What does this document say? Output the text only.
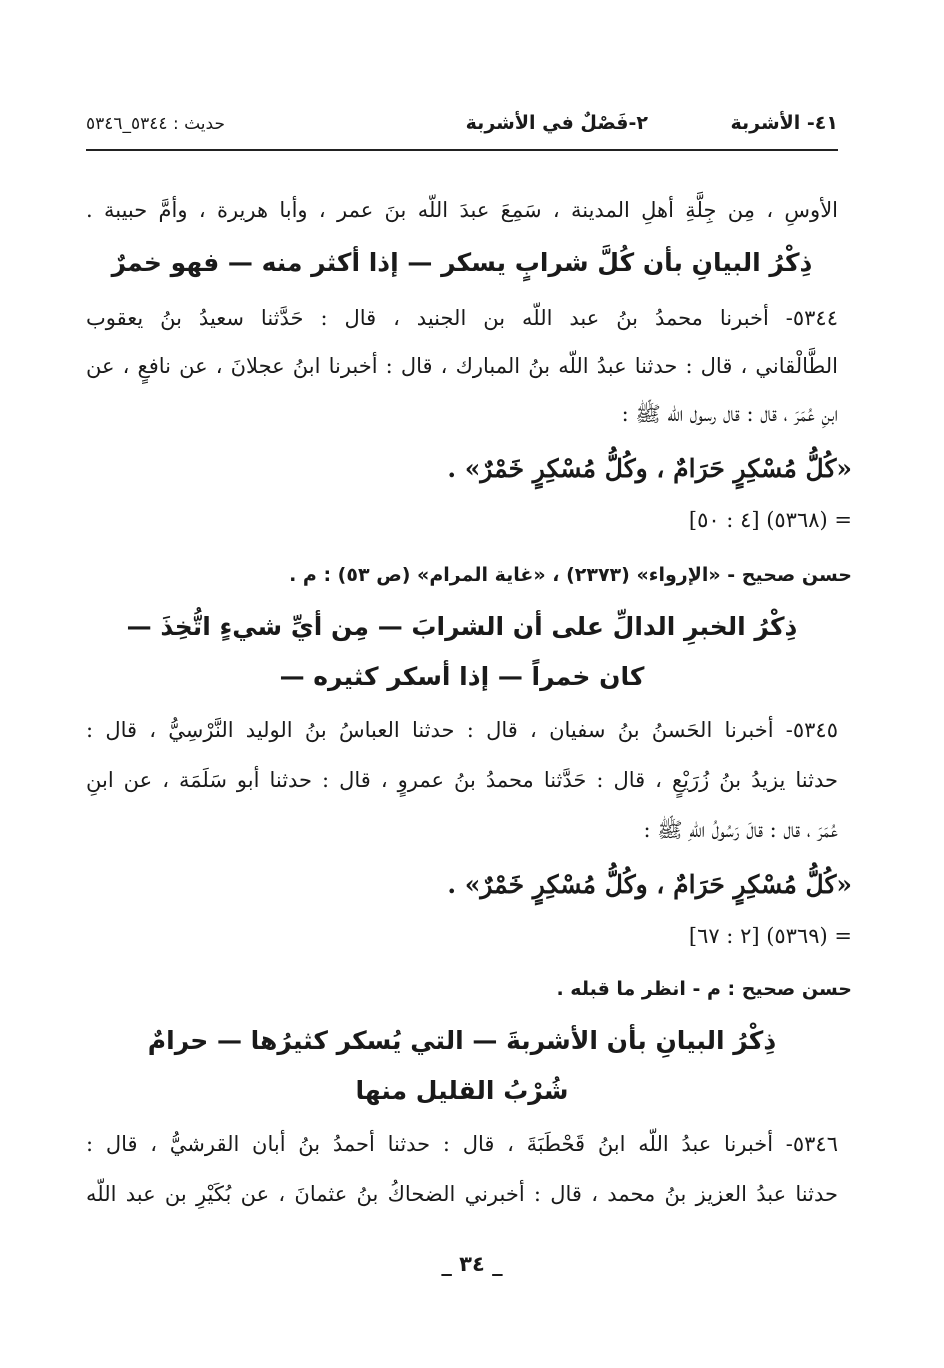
٤١- الأشربة
٢-فَصْلٌ في الأشربة
حديث : ٥٣٤٤_٥٣٤٦
الأوسِ ، مِن جِلَّةِ أهلِ المدينة ، سَمِعَ عبدَ اللّه بنَ عمر ، وأبا هريرة ، وأمَّ حبيبة .
ذِكْرُ البيانِ بأن كُلَّ شرابٍ يسكر — إذا أكثر منه — فهو خمرٌ
٥٣٤٤- أخبرنا محمدُ بنُ عبد اللّه بن الجنيد ، قال : حَدَّثنا سعيدُ بنُ يعقوب
الطَّالْقاني ، قال : حدثنا عبدُ اللّه بنُ المبارك ، قال : أخبرنا ابنُ عجلانَ ، عن نافعٍ ، عن
ابنِ عُمَرَ ، قال : قال رسول اللّه ﷺ :
«كُلُّ مُسْكِرٍ حَرَامٌ ، وكُلُّ مُسْكِرٍ خَمْرٌ» .
= (٥٣٦٨) [٤ : ٥٠]
حسن صحيح - «الإرواء» (٢٣٧٣) ، «غاية المرام» (ص ٥٣) : م .
ذِكْرُ الخبرِ الدالِّ على أن الشرابَ — مِن أيِّ شيءٍ اتُّخِذَ —
كان خمراً — إذا أسكر كثيره —
٥٣٤٥- أخبرنا الحَسنُ بنُ سفيان ، قال : حدثنا العباسُ بنُ الوليد النَّرْسِيُّ ، قال :
حدثنا يزيدُ بنُ زُرَيْعٍ ، قال : حَدَّثنا محمدُ بنُ عمروٍ ، قال : حدثنا أبو سَلَمَة ، عن ابنِ
عُمَرَ ، قال : قالَ رَسُولُ اللّهِ ﷺ :
«كُلُّ مُسْكِرٍ حَرَامٌ ، وكُلُّ مُسْكِرٍ خَمْرٌ» .
= (٥٣٦٩) [٢ : ٦٧]
حسن صحيح : م - انظر ما قبله .
ذِكْرُ البيانِ بأن الأشربةَ — التي يُسكر كثيرُها — حرامٌ
شُرْبُ القليل منها
٥٣٤٦- أخبرنا عبدُ اللّه ابنُ قَحْطَبَةَ ، قال : حدثنا أحمدُ بنُ أبان القرشيُّ ، قال :
حدثنا عبدُ العزيز بنُ محمد ، قال : أخبرني الضحاكُ بنُ عثمانَ ، عن بُكَيْرِ بن عبد اللّه
_ ٣٤ _
